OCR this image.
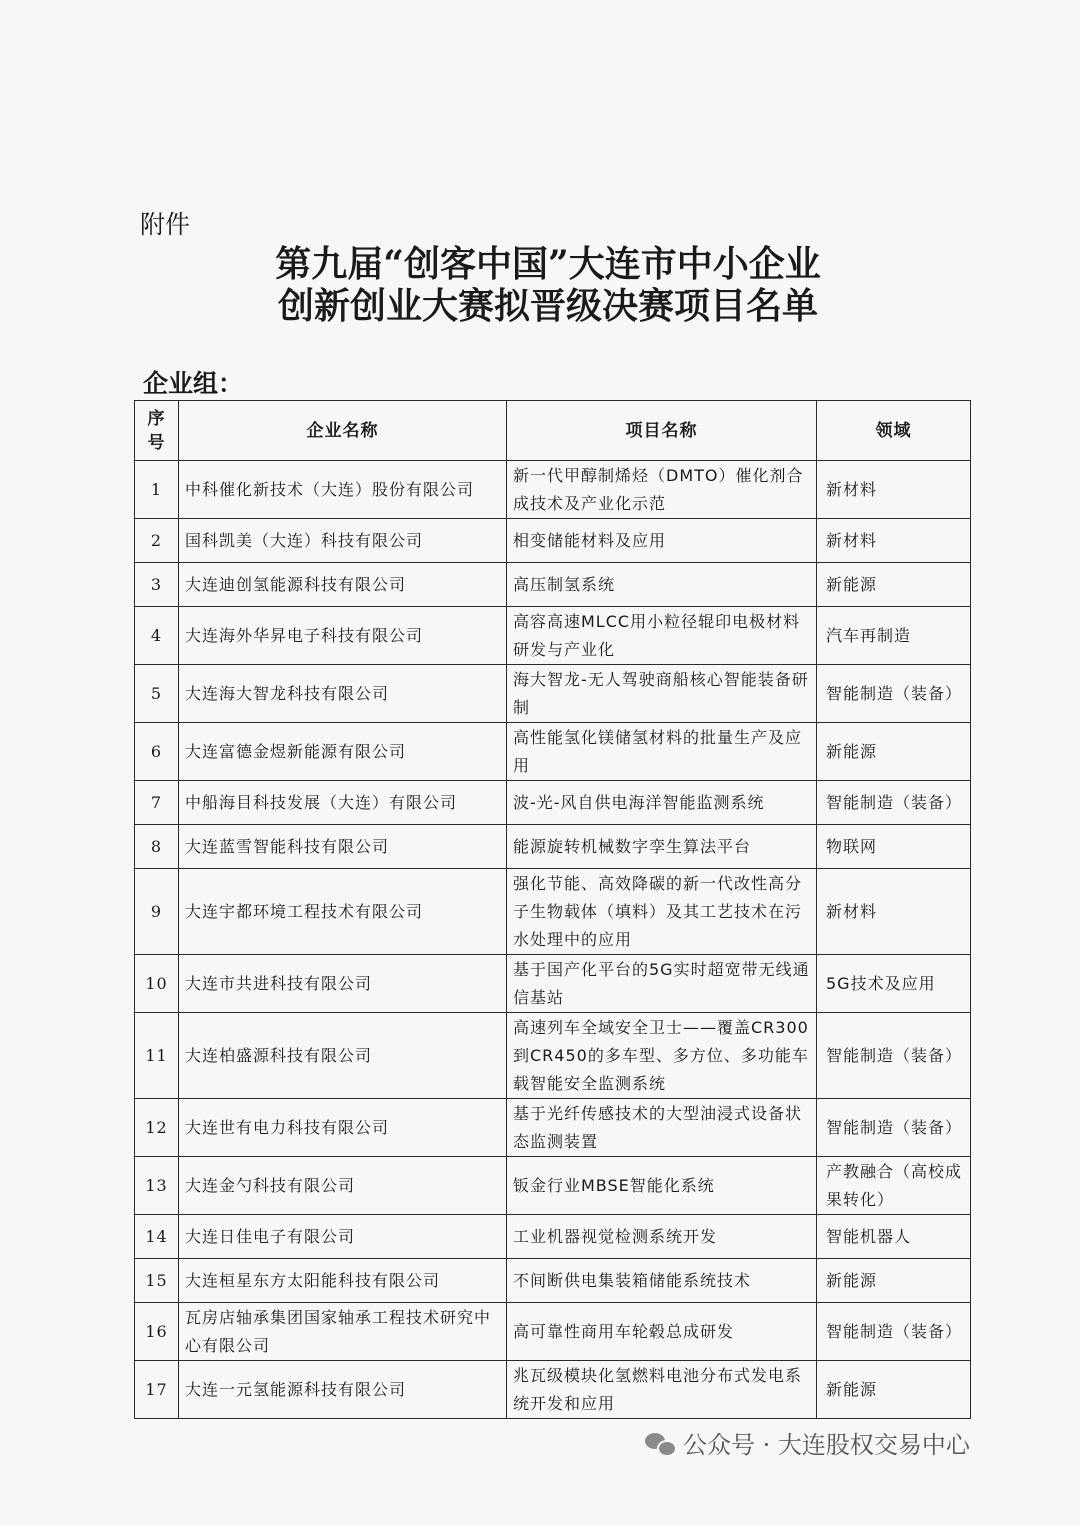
附件
第九届“创客中国”大连市中小企业
创新创业大赛拟晋级决赛项目名单
企业组：
序号	企业名称	项目名称	领域
1	中科催化新技术（大连）股份有限公司	新一代甲醇制烯烃（DMTO）催化剂合成技术及产业化示范	新材料
2	国科凯美（大连）科技有限公司	相变储能材料及应用	新材料
3	大连迪创氢能源科技有限公司	高压制氢系统	新能源
4	大连海外华昇电子科技有限公司	高容高速MLCC用小粒径辊印电极材料研发与产业化	汽车再制造
5	大连海大智龙科技有限公司	海大智龙-无人驾驶商船核心智能装备研制	智能制造（装备）
6	大连富德金煜新能源有限公司	高性能氢化镁储氢材料的批量生产及应用	新能源
7	中船海目科技发展（大连）有限公司	波-光-风自供电海洋智能监测系统	智能制造（装备）
8	大连蓝雪智能科技有限公司	能源旋转机械数字孪生算法平台	物联网
9	大连宇都环境工程技术有限公司	强化节能、高效降碳的新一代改性高分子生物载体（填料）及其工艺技术在污水处理中的应用	新材料
10	大连市共进科技有限公司	基于国产化平台的5G实时超宽带无线通信基站	5G技术及应用
11	大连柏盛源科技有限公司	高速列车全域安全卫士——覆盖CR300到CR450的多车型、多方位、多功能车载智能安全监测系统	智能制造（装备）
12	大连世有电力科技有限公司	基于光纤传感技术的大型油浸式设备状态监测装置	智能制造（装备）
13	大连金勺科技有限公司	钣金行业MBSE智能化系统	产教融合（高校成果转化）
14	大连日佳电子有限公司	工业机器视觉检测系统开发	智能机器人
15	大连桓星东方太阳能科技有限公司	不间断供电集装箱储能系统技术	新能源
16	瓦房店轴承集团国家轴承工程技术研究中心有限公司	高可靠性商用车轮毂总成研发	智能制造（装备）
17	大连一元氢能源科技有限公司	兆瓦级模块化氢燃料电池分布式发电系统开发和应用	新能源
公众号 · 大连股权交易中心
